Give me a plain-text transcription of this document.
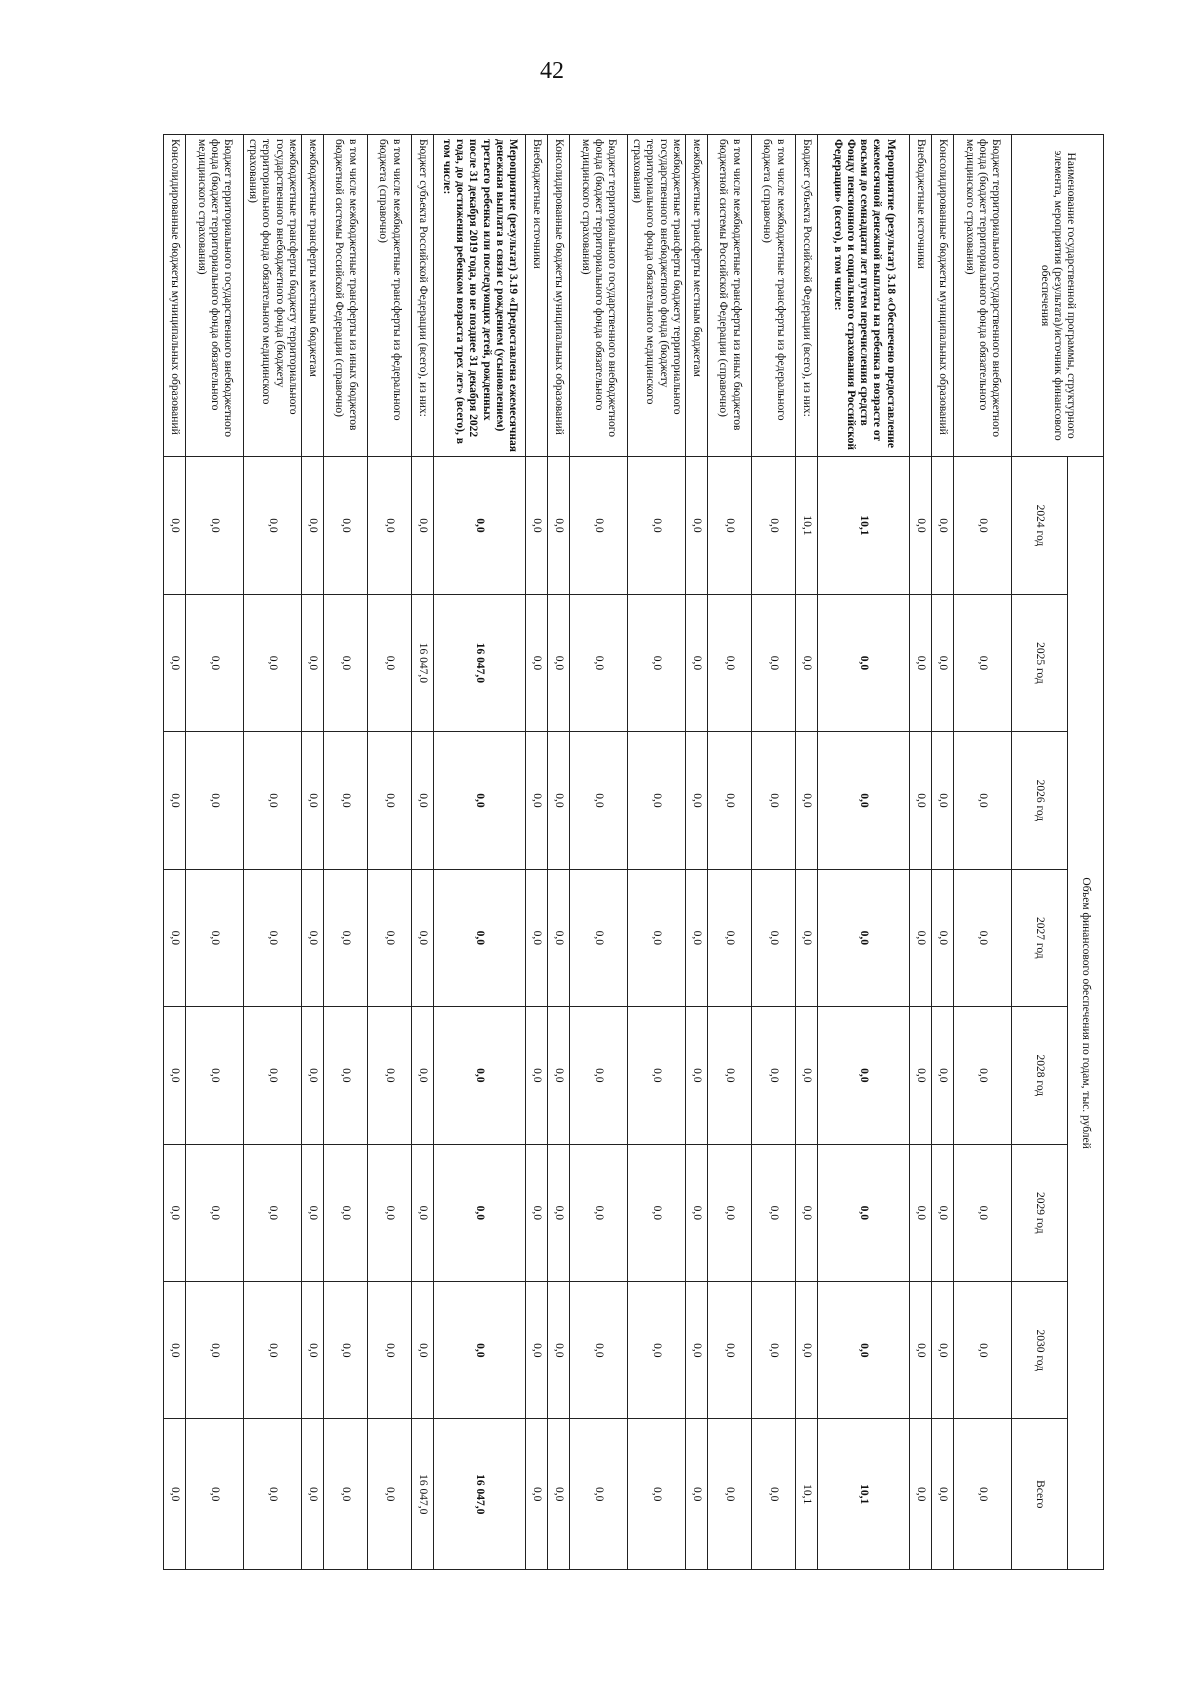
42
Наименование государственной программы, структурного элемента, мероприятия (результата)/источник финансового обеспечения	Объем финансового обеспечения по годам, тыс. рублей							
	2024 год	2025 год	2026 год	2027 год	2028 год	2029 год	2030 год	Всего
Бюджет территориального государственного внебюджетного фонда (бюджет территориального фонда обязательного медицинского страхования)	0,0	0,0	0,0	0,0	0,0	0,0	0,0	0,0
Консолидированные бюджеты муниципальных образований	0,0	0,0	0,0	0,0	0,0	0,0	0,0	0,0
Внебюджетные источники	0,0	0,0	0,0	0,0	0,0	0,0	0,0	0,0
Мероприятие (результат) 3.18 «Обеспечено предоставление ежемесячной денежной выплаты на ребенка в возрасте от восьми до семнадцати лет путем перечисления средств Фонду пенсионного и социального страхования Российской Федерации» (всего), в том числе:	10,1	0,0	0,0	0,0	0,0	0,0	0,0	10,1
Бюджет субъекта Российской Федерации (всего), из них:	10,1	0,0	0,0	0,0	0,0	0,0	0,0	10,1
в том числе межбюджетные трансферты из федерального бюджета (справочно)	0,0	0,0	0,0	0,0	0,0	0,0	0,0	0,0
в том числе межбюджетные трансферты из иных бюджетов бюджетной системы Российской Федерации (справочно)	0,0	0,0	0,0	0,0	0,0	0,0	0,0	0,0
межбюджетные трансферты местным бюджетам	0,0	0,0	0,0	0,0	0,0	0,0	0,0	0,0
межбюджетные трансферты бюджету территориального государственного внебюджетного фонда (бюджету территориального фонда обязательного медицинского страхования)	0,0	0,0	0,0	0,0	0,0	0,0	0,0	0,0
Бюджет территориального государственного внебюджетного фонда (бюджет территориального фонда обязательного медицинского страхования)	0,0	0,0	0,0	0,0	0,0	0,0	0,0	0,0
Консолидированные бюджеты муниципальных образований	0,0	0,0	0,0	0,0	0,0	0,0	0,0	0,0
Внебюджетные источники	0,0	0,0	0,0	0,0	0,0	0,0	0,0	0,0
Мероприятие (результат) 3.19 «Предоставлена ежемесячная денежная выплата в связи с рождением (усыновлением) третьего ребенка или последующих детей, рожденных после 31 декабря 2019 года, но не позднее 31 декабря 2022 года, до достижения ребенком возраста трех лет» (всего), в том числе:	0,0	16 047,0	0,0	0,0	0,0	0,0	0,0	16 047,0
Бюджет субъекта Российской Федерации (всего), из них:	0,0	16 047,0	0,0	0,0	0,0	0,0	0,0	16 047,0
в том числе межбюджетные трансферты из федерального бюджета (справочно)	0,0	0,0	0,0	0,0	0,0	0,0	0,0	0,0
в том числе межбюджетные трансферты из иных бюджетов бюджетной системы Российской Федерации (справочно)	0,0	0,0	0,0	0,0	0,0	0,0	0,0	0,0
межбюджетные трансферты местным бюджетам	0,0	0,0	0,0	0,0	0,0	0,0	0,0	0,0
межбюджетные трансферты бюджету территориального государственного внебюджетного фонда (бюджету территориального фонда обязательного медицинского страхования)	0,0	0,0	0,0	0,0	0,0	0,0	0,0	0,0
Бюджет территориального государственного внебюджетного фонда (бюджет территориального фонда обязательного медицинского страхования)	0,0	0,0	0,0	0,0	0,0	0,0	0,0	0,0
Консолидированные бюджеты муниципальных образований	0,0	0,0	0,0	0,0	0,0	0,0	0,0	0,0
